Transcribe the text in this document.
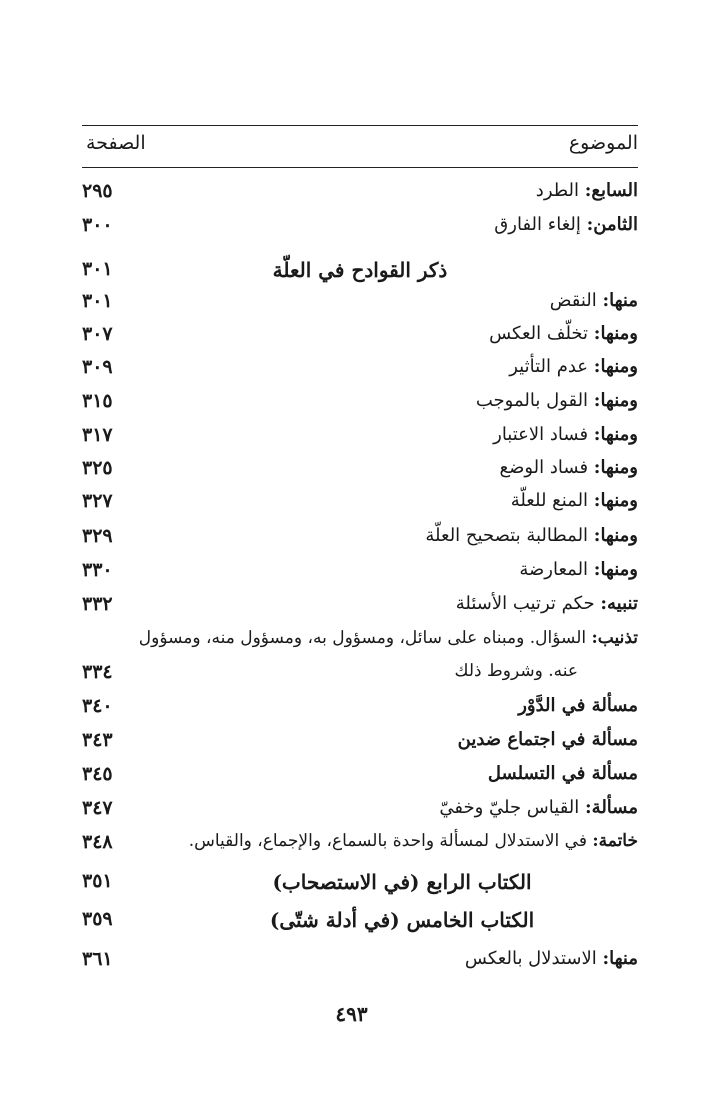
الموضوع
الصفحة
السابع: الطرد
٢٩٥
الثامن: إلغاء الفارق
٣٠٠
ذكر القوادح في العلّة
٣٠١
منها: النقض
٣٠١
ومنها: تخلّف العكس
٣٠٧
ومنها: عدم التأثير
٣٠٩
ومنها: القول بالموجب
٣١٥
ومنها: فساد الاعتبار
٣١٧
ومنها: فساد الوضع
٣٢٥
ومنها: المنع للعلّة
٣٢٧
ومنها: المطالبة بتصحيح العلّة
٣٢٩
ومنها: المعارضة
٣٣٠
تنبيه: حكم ترتيب الأسئلة
٣٣٢
تذنيب: السؤال. ومبناه على سائل، ومسؤول به، ومسؤول منه، ومسؤول
عنه. وشروط ذلك
٣٣٤
مسألة في الدَّوْر
٣٤٠
مسألة في اجتماع ضدين
٣٤٣
مسألة في التسلسل
٣٤٥
مسألة: القياس جليّ وخفيّ
٣٤٧
خاتمة: في الاستدلال لمسألة واحدة بالسماع، والإجماع، والقياس.
٣٤٨
الكتاب الرابع (في الاستصحاب)
٣٥١
الكتاب الخامس (في أدلة شتّى)
٣٥٩
منها: الاستدلال بالعكس
٣٦١
٤٩٣
